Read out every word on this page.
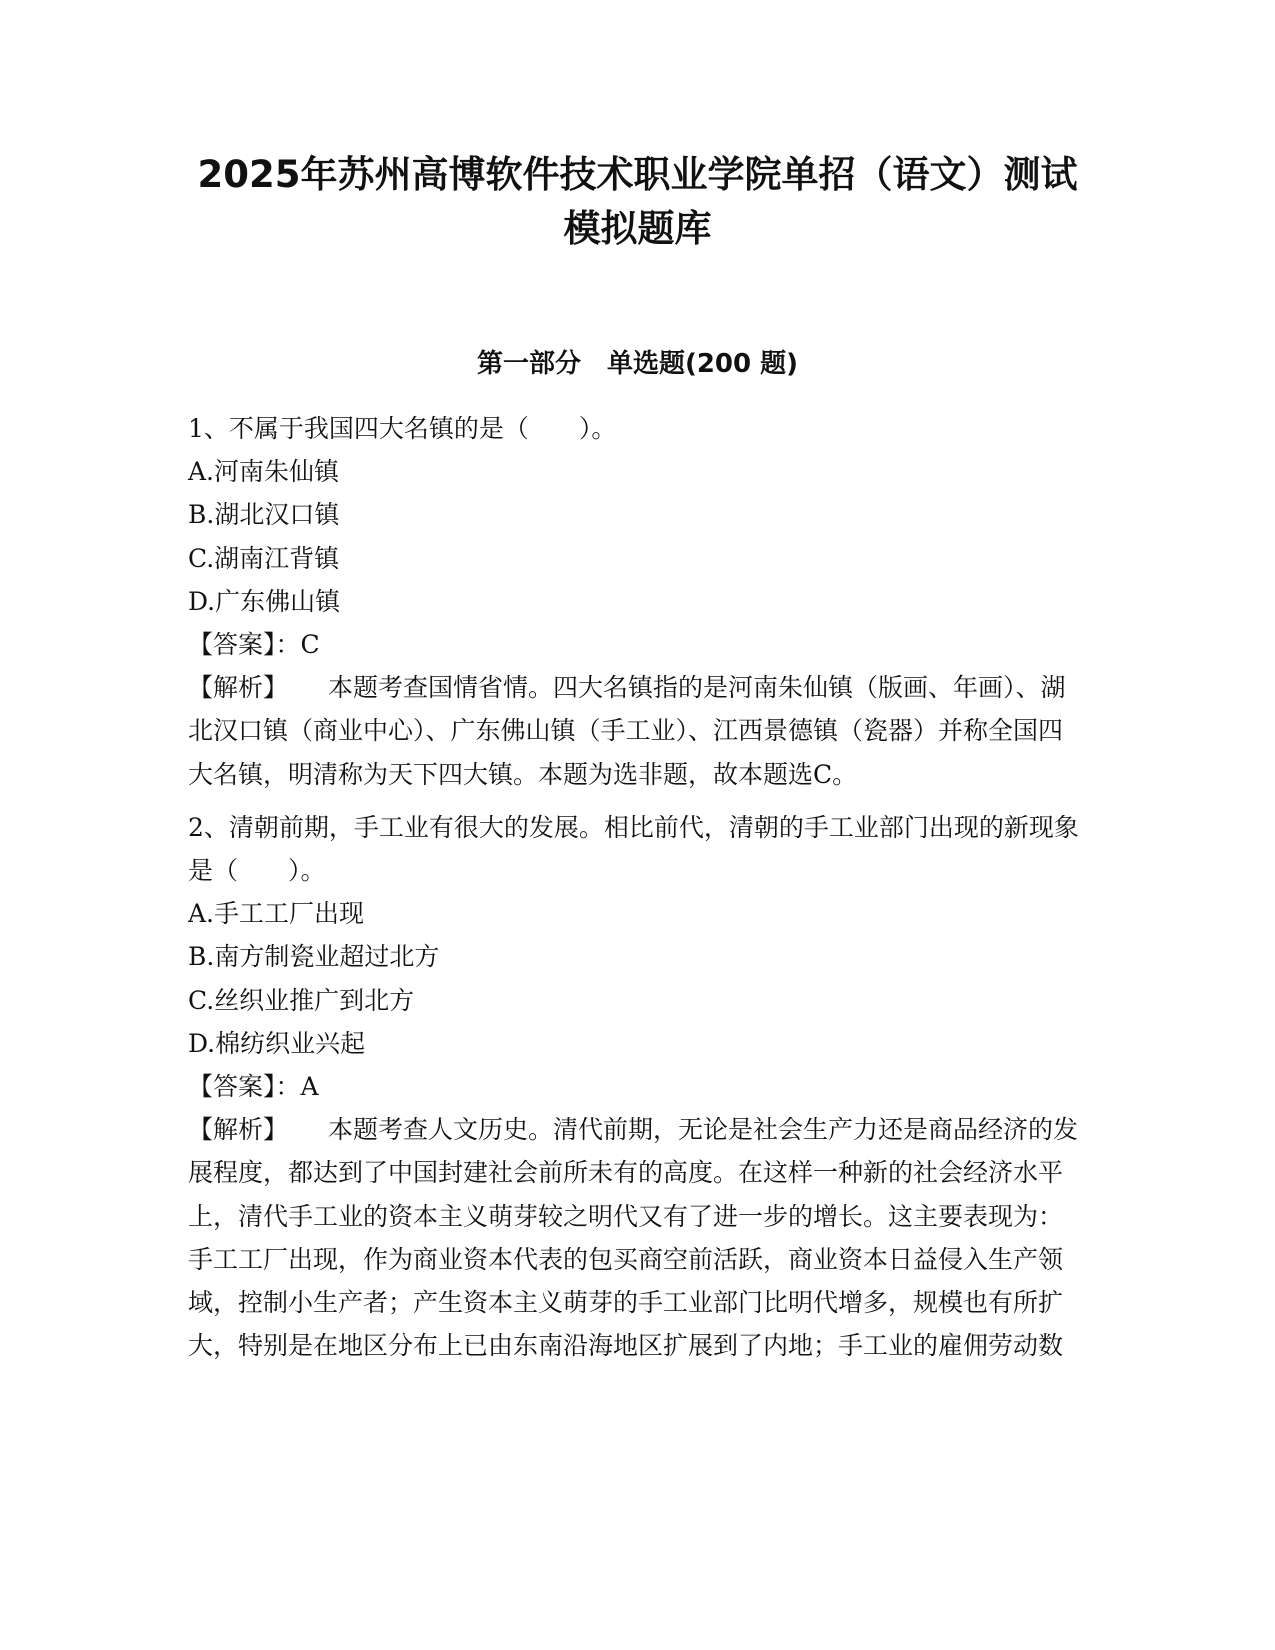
2025年苏州高博软件技术职业学院单招（语文）测试
模拟题库
第一部分　单选题(200 题)

1、不属于我国四大名镇的是（　　）。

A.河南朱仙镇

B.湖北汉口镇

C.湖南江背镇

D.广东佛山镇

【答案】：C

【解析】 本题考查国情省情。四大名镇指的是河南朱仙镇（版画、年画）、湖北汉口镇（商业中心）、广东佛山镇（手工业）、江西景德镇（瓷器）并称全国四大名镇，明清称为天下四大镇。本题为选非题，故本题选C。

2、清朝前期，手工业有很大的发展。相比前代，清朝的手工业部门出现的新现象是（　　）。

A.手工工厂出现

B.南方制瓷业超过北方

C.丝织业推广到北方

D.棉纺织业兴起

【答案】：A

【解析】 本题考查人文历史。清代前期，无论是社会生产力还是商品经济的发展程度，都达到了中国封建社会前所未有的高度。在这样一种新的社会经济水平上，清代手工业的资本主义萌芽较之明代又有了进一步的增长。这主要表现为：手工工厂出现，作为商业资本代表的包买商空前活跃，商业资本日益侵入生产领域，控制小生产者；产生资本主义萌芽的手工业部门比明代增多，规模也有所扩大，特别是在地区分布上已由东南沿海地区扩展到了内地；手工业的雇佣劳动数
